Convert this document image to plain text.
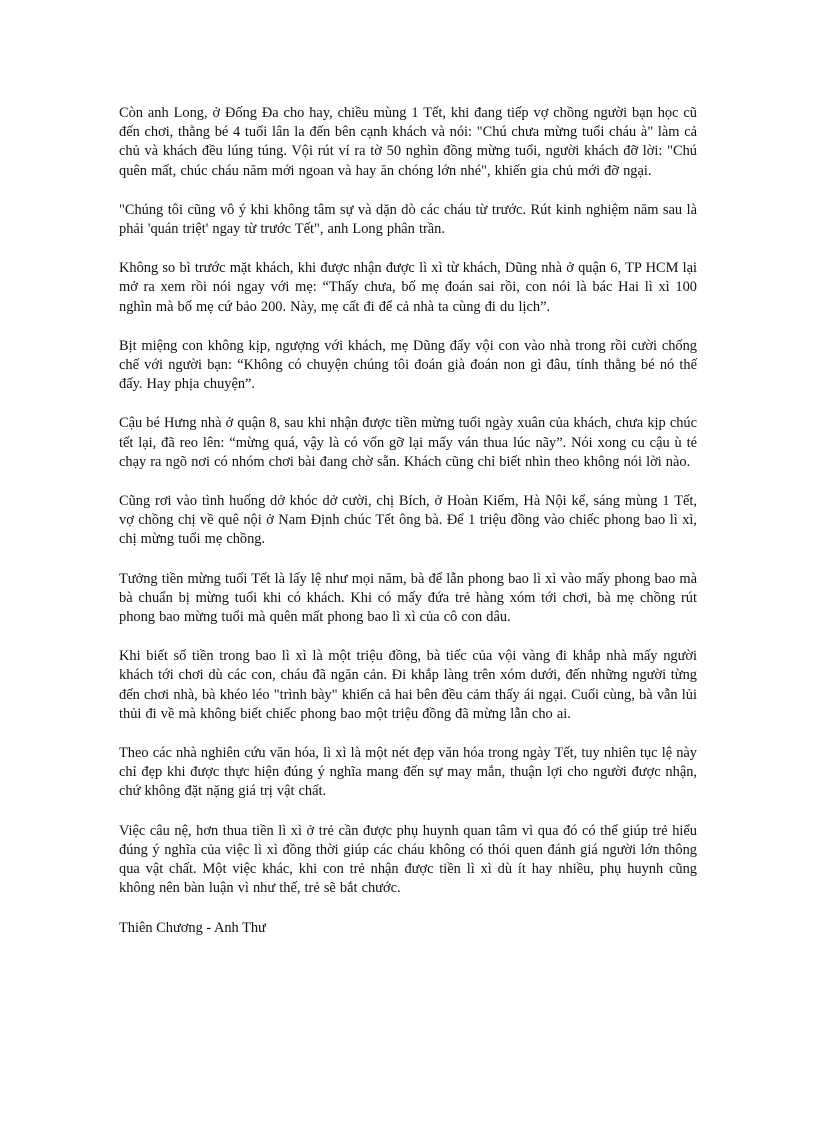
Còn anh Long, ở Đống Đa cho hay, chiều mùng 1 Tết, khi đang tiếp vợ chồng người bạn học cũ đến chơi, thằng bé 4 tuổi lân la đến bên cạnh khách và nói: "Chú chưa mừng tuổi cháu à" làm cả chủ và khách đều lúng túng. Vội rút ví ra tờ 50 nghìn đồng mừng tuổi, người khách đỡ lời: "Chú quên mất, chúc cháu năm mới ngoan và hay ăn chóng lớn nhé", khiến gia chủ mới đỡ ngại.

"Chúng tôi cũng vô ý khi không tâm sự và dặn dò các cháu từ trước. Rút kinh nghiệm năm sau là phải 'quán triệt' ngay từ trước Tết", anh Long phân trần.

Không so bì trước mặt khách, khi được nhận được lì xì từ khách, Dũng nhà ở quận 6, TP HCM lại mở ra xem rồi nói ngay với mẹ: “Thấy chưa, bố mẹ đoán sai rồi, con nói là bác Hai lì xì 100 nghìn mà bố mẹ cứ bảo 200. Này, mẹ cất đi để cả nhà ta cùng đi du lịch”.

Bịt miệng con không kịp, ngượng với khách, mẹ Dũng đẩy vội con vào nhà trong rồi cười chống chế với người bạn: “Không có chuyện chúng tôi đoán già đoán non gì đâu, tính thằng bé nó thế đấy. Hay phịa chuyện”.

Cậu bé Hưng nhà ở quận 8, sau khi nhận được tiền mừng tuổi ngày xuân của khách, chưa kịp chúc tết lại, đã reo lên: “mừng quá, vậy là có vốn gỡ lại mấy ván thua lúc nãy”. Nói xong cu cậu ù té chạy ra ngõ nơi có nhóm chơi bài đang chờ sẵn. Khách cũng chỉ biết nhìn theo không nói lời nào.

Cũng rơi vào tình huống dở khóc dở cười, chị Bích, ở Hoàn Kiếm, Hà Nội kể, sáng mùng 1 Tết, vợ chồng chị về quê nội ở Nam Định chúc Tết ông bà. Để 1 triệu đồng vào chiếc phong bao lì xì, chị mừng tuổi mẹ chồng.

Tưởng tiền mừng tuổi Tết là lấy lệ như mọi năm, bà để lẫn phong bao lì xì vào mấy phong bao mà bà chuẩn bị mừng tuổi khi có khách. Khi có mấy đứa trẻ hàng xóm tới chơi, bà mẹ chồng rút phong bao mừng tuổi mà quên mất phong bao lì xì của cô con dâu.

Khi biết số tiền trong bao lì xì là một triệu đồng, bà tiếc của vội vàng đi khắp nhà mấy người khách tới chơi dù các con, cháu đã ngăn cản. Đi khắp làng trên xóm dưới, đến những người từng đến chơi nhà, bà khéo léo "trình bày" khiến cả hai bên đều cảm thấy ái ngại. Cuối cùng, bà vẫn lủi thủi đi về mà không biết chiếc phong bao một triệu đồng đã mừng lẫn cho ai.

Theo các nhà nghiên cứu văn hóa, lì xì là một nét đẹp văn hóa trong ngày Tết, tuy nhiên tục lệ này chỉ đẹp khi được thực hiện đúng ý nghĩa mang đến sự may mắn, thuận lợi cho người được nhận, chứ không đặt nặng giá trị vật chất.

Việc câu nệ, hơn thua tiền lì xì ở trẻ cần được phụ huynh quan tâm vì qua đó có thể giúp trẻ hiểu đúng ý nghĩa của việc lì xì đồng thời giúp các cháu không có thói quen đánh giá người lớn thông qua vật chất. Một việc khác, khi con trẻ nhận được tiền lì xì dù ít hay nhiều, phụ huynh cũng không nên bàn luận vì như thế, trẻ sẽ bắt chước.

Thiên Chương - Anh Thư
